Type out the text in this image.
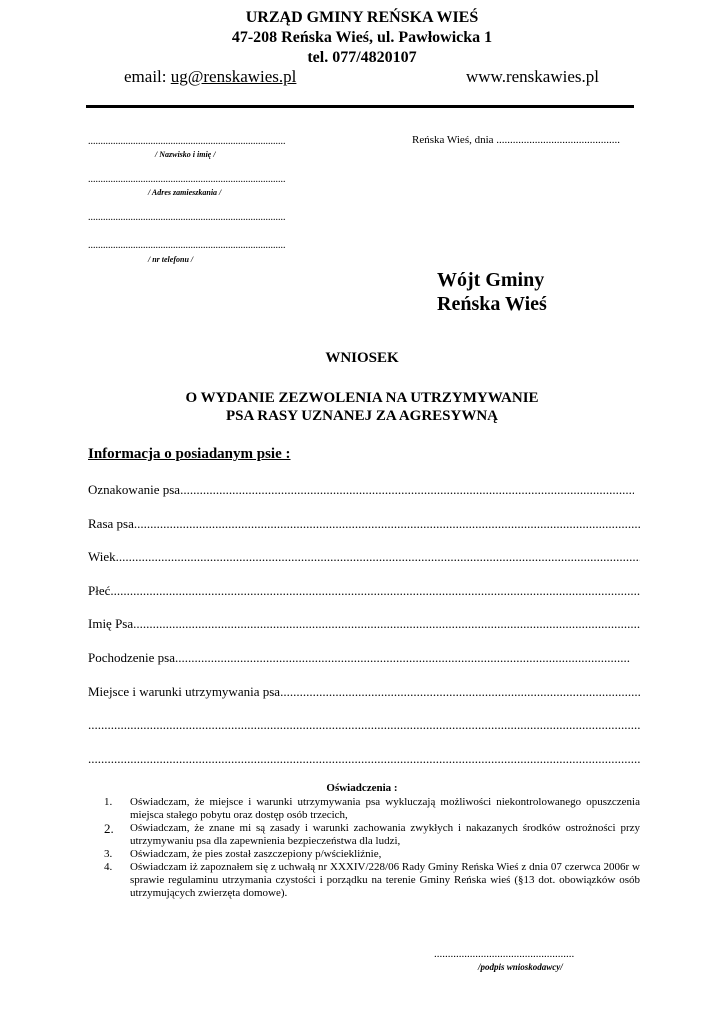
URZĄD GMINY REŃSKA WIEŚ
47-208 Reńska Wieś, ul. Pawłowicka 1
tel. 077/4820107
email: ug@renskawies.pl	www.renskawies.pl
...............................................................................
/ Nazwisko i imię /
...............................................................................
/ Adres zamieszkania /
...............................................................................
...............................................................................
/ nr telefonu /
Reńska Wieś, dnia .............................................
Wójt Gminy
Reńska Wieś
WNIOSEK
O WYDANIE ZEZWOLENIA NA UTRZYMYWANIE
PSA RASY UZNANEJ ZA AGRESYWNĄ
Informacja o posiadanym psie :
Oznakowanie psa
.....
Rasa psa
.....
Wiek
.....
Płeć
.....
Imię Psa
.....
Pochodzenie psa
.....
Miejsce i warunki utrzymywania psa
.....
.....
.....
Oświadczenia :
1. Oświadczam, że miejsce i warunki utrzymywania psa wykluczają możliwości niekontrolowanego opuszczenia miejsca stałego pobytu oraz dostęp osób trzecich,
2. Oświadczam, że znane mi są zasady i warunki zachowania zwykłych i nakazanych środków ostrożności przy utrzymywaniu psa dla zapewnienia bezpieczeństwa dla ludzi,
3. Oświadczam, że pies został zaszczepiony p/wściekliźnie,
4. Oświadczam iż zapoznałem się z uchwałą nr XXXIV/228/06 Rady Gminy Reńska Wieś z dnia 07 czerwca 2006r w sprawie regulaminu utrzymania czystości i porządku na terenie Gminy Reńska wieś (§13 dot. obowiązków osób utrzymujących zwierzęta domowe).
...................................................
/podpis wnioskodawcy/
